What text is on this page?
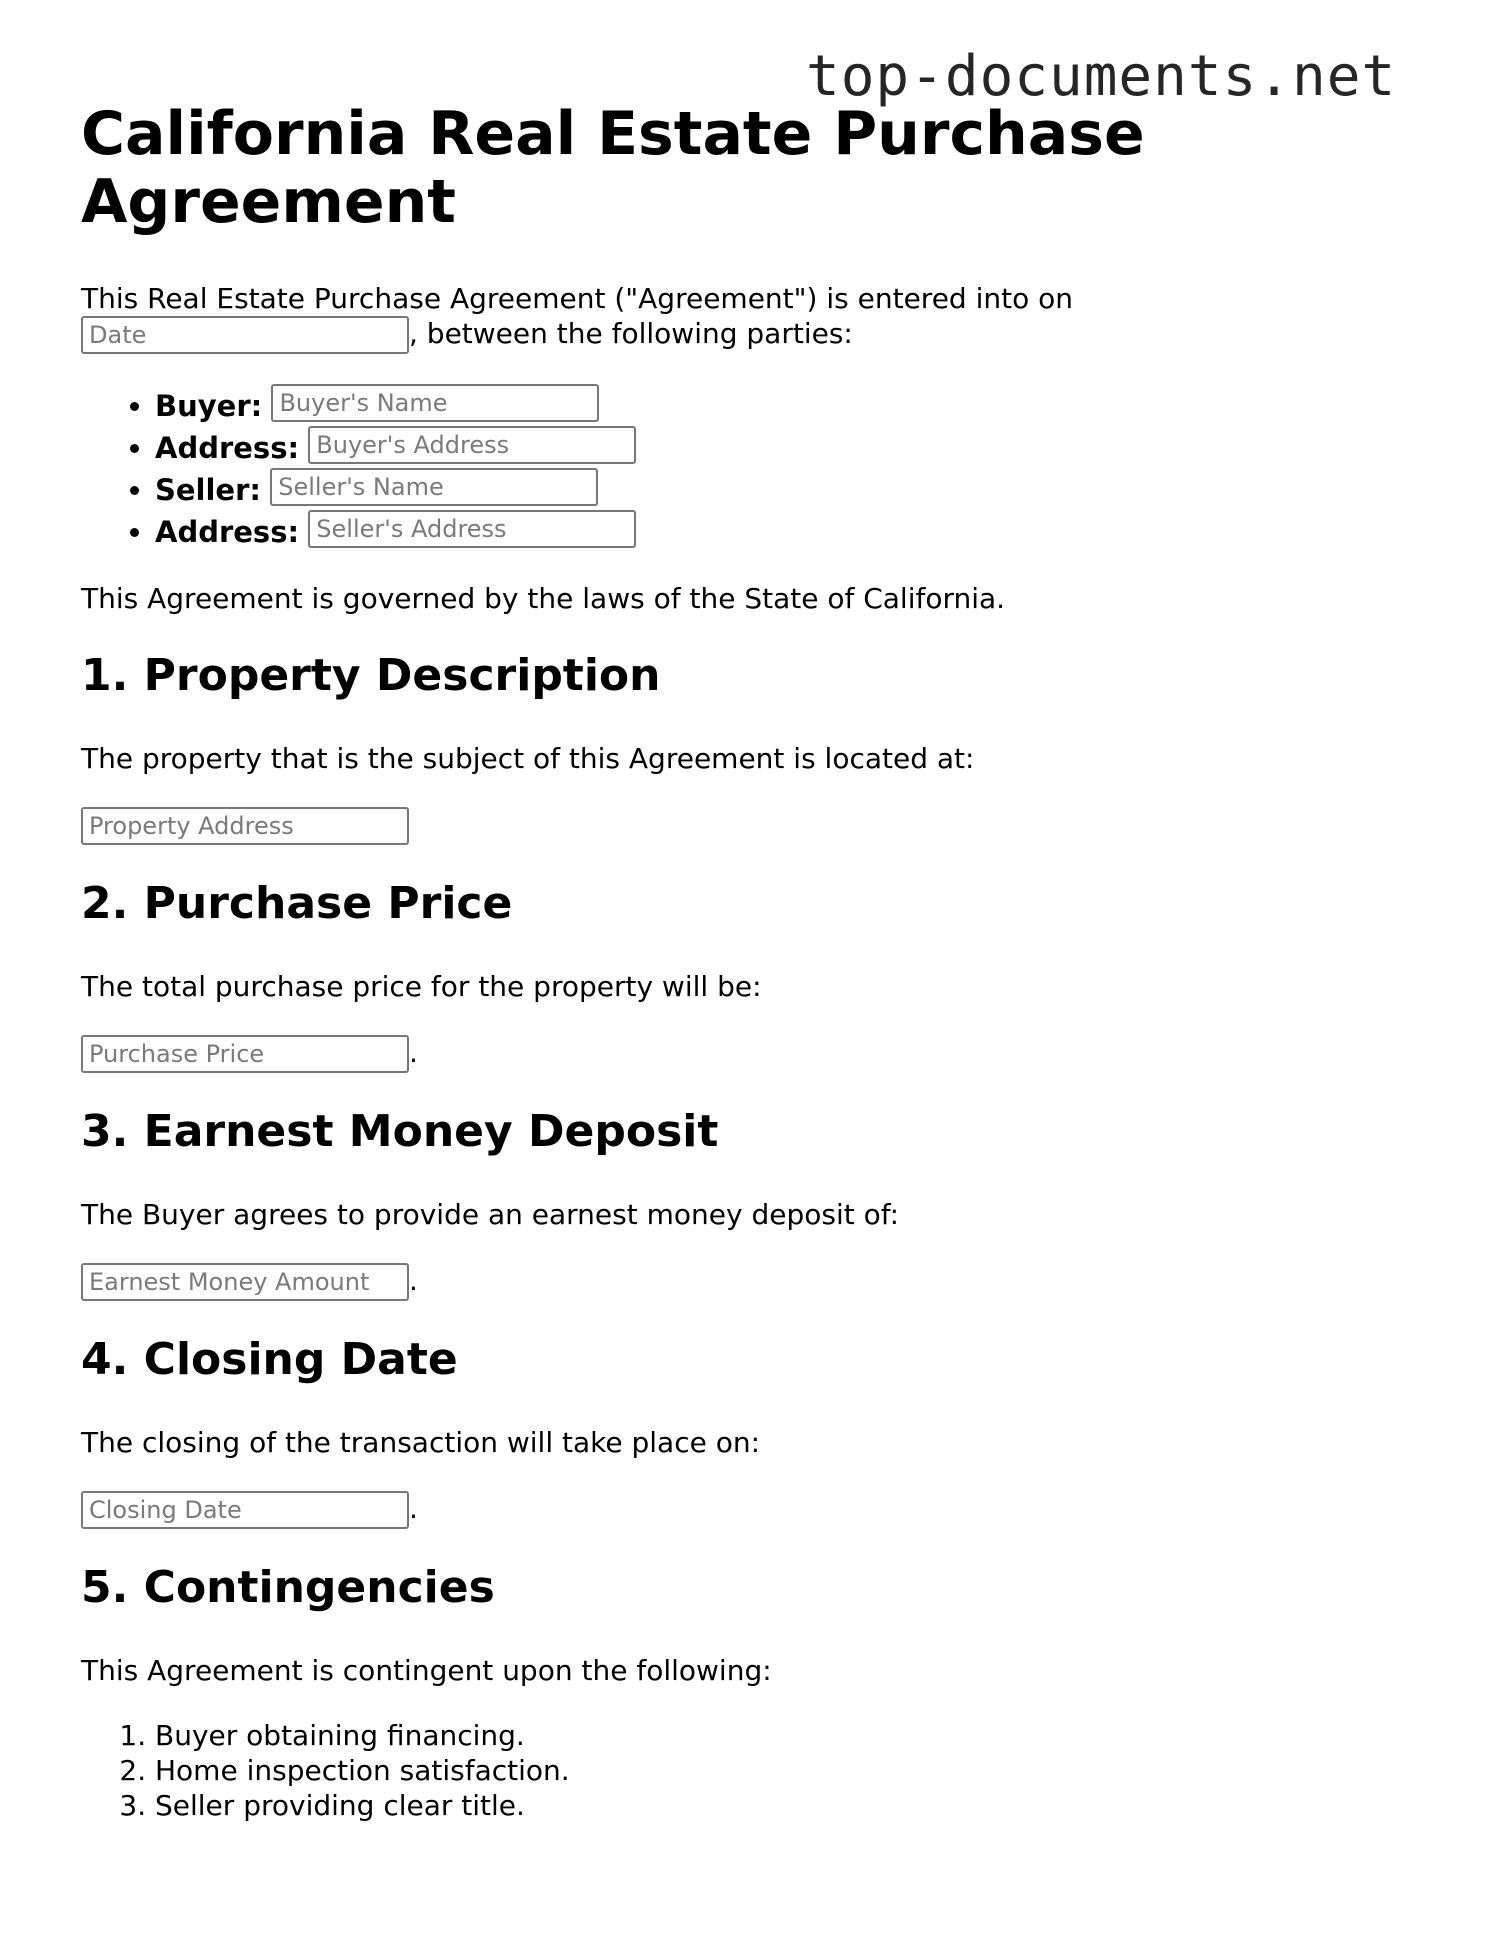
top-documents.net
California Real Estate Purchase Agreement
This Real Estate Purchase Agreement ("Agreement") is entered into on
Date	, between the following parties:
• Buyer: Buyer's Name
• Address: Buyer's Address
• Seller: Seller's Name
• Address: Seller's Address
This Agreement is governed by the laws of the State of California.
1. Property Description
The property that is the subject of this Agreement is located at:
Property Address
2. Purchase Price
The total purchase price for the property will be:
Purchase Price	.
3. Earnest Money Deposit
The Buyer agrees to provide an earnest money deposit of:
Earnest Money Amount .
4. Closing Date
The closing of the transaction will take place on:
Closing Date	.
5. Contingencies
This Agreement is contingent upon the following:
1. Buyer obtaining financing.
2. Home inspection satisfaction.
3. Seller providing clear title.
